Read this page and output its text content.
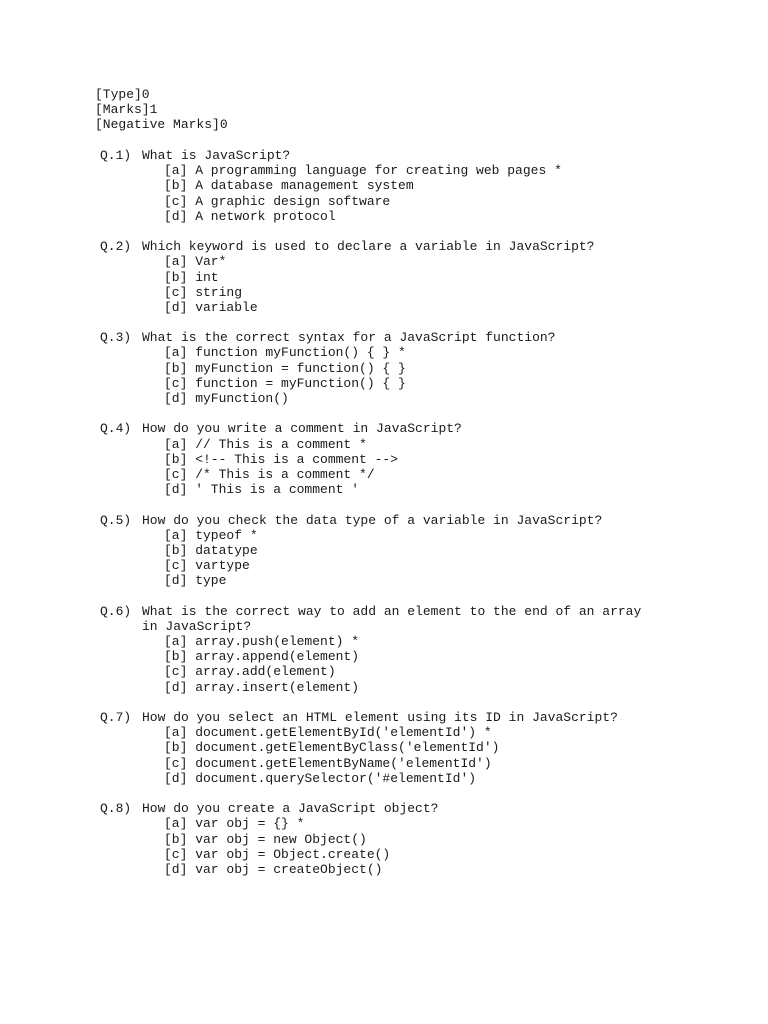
[Type]0
[Marks]1
[Negative Marks]0
Q.1) What is JavaScript?
[a] A programming language for creating web pages *
[b] A database management system
[c] A graphic design software
[d] A network protocol
Q.2) Which keyword is used to declare a variable in JavaScript?
[a] Var*
[b] int
[c] string
[d] variable
Q.3) What is the correct syntax for a JavaScript function?
[a] function myFunction() { } *
[b] myFunction = function() { }
[c] function = myFunction() { }
[d] myFunction()
Q.4) How do you write a comment in JavaScript?
[a] // This is a comment *
[b] <!-- This is a comment -->
[c] /* This is a comment */
[d] ' This is a comment '
Q.5) How do you check the data type of a variable in JavaScript?
[a] typeof *
[b] datatype
[c] vartype
[d] type
Q.6) What is the correct way to add an element to the end of an array in JavaScript?
[a] array.push(element) *
[b] array.append(element)
[c] array.add(element)
[d] array.insert(element)
Q.7) How do you select an HTML element using its ID in JavaScript?
[a] document.getElementById('elementId') *
[b] document.getElementByClass('elementId')
[c] document.getElementByName('elementId')
[d] document.querySelector('#elementId')
Q.8) How do you create a JavaScript object?
[a] var obj = {} *
[b] var obj = new Object()
[c] var obj = Object.create()
[d] var obj = createObject()
